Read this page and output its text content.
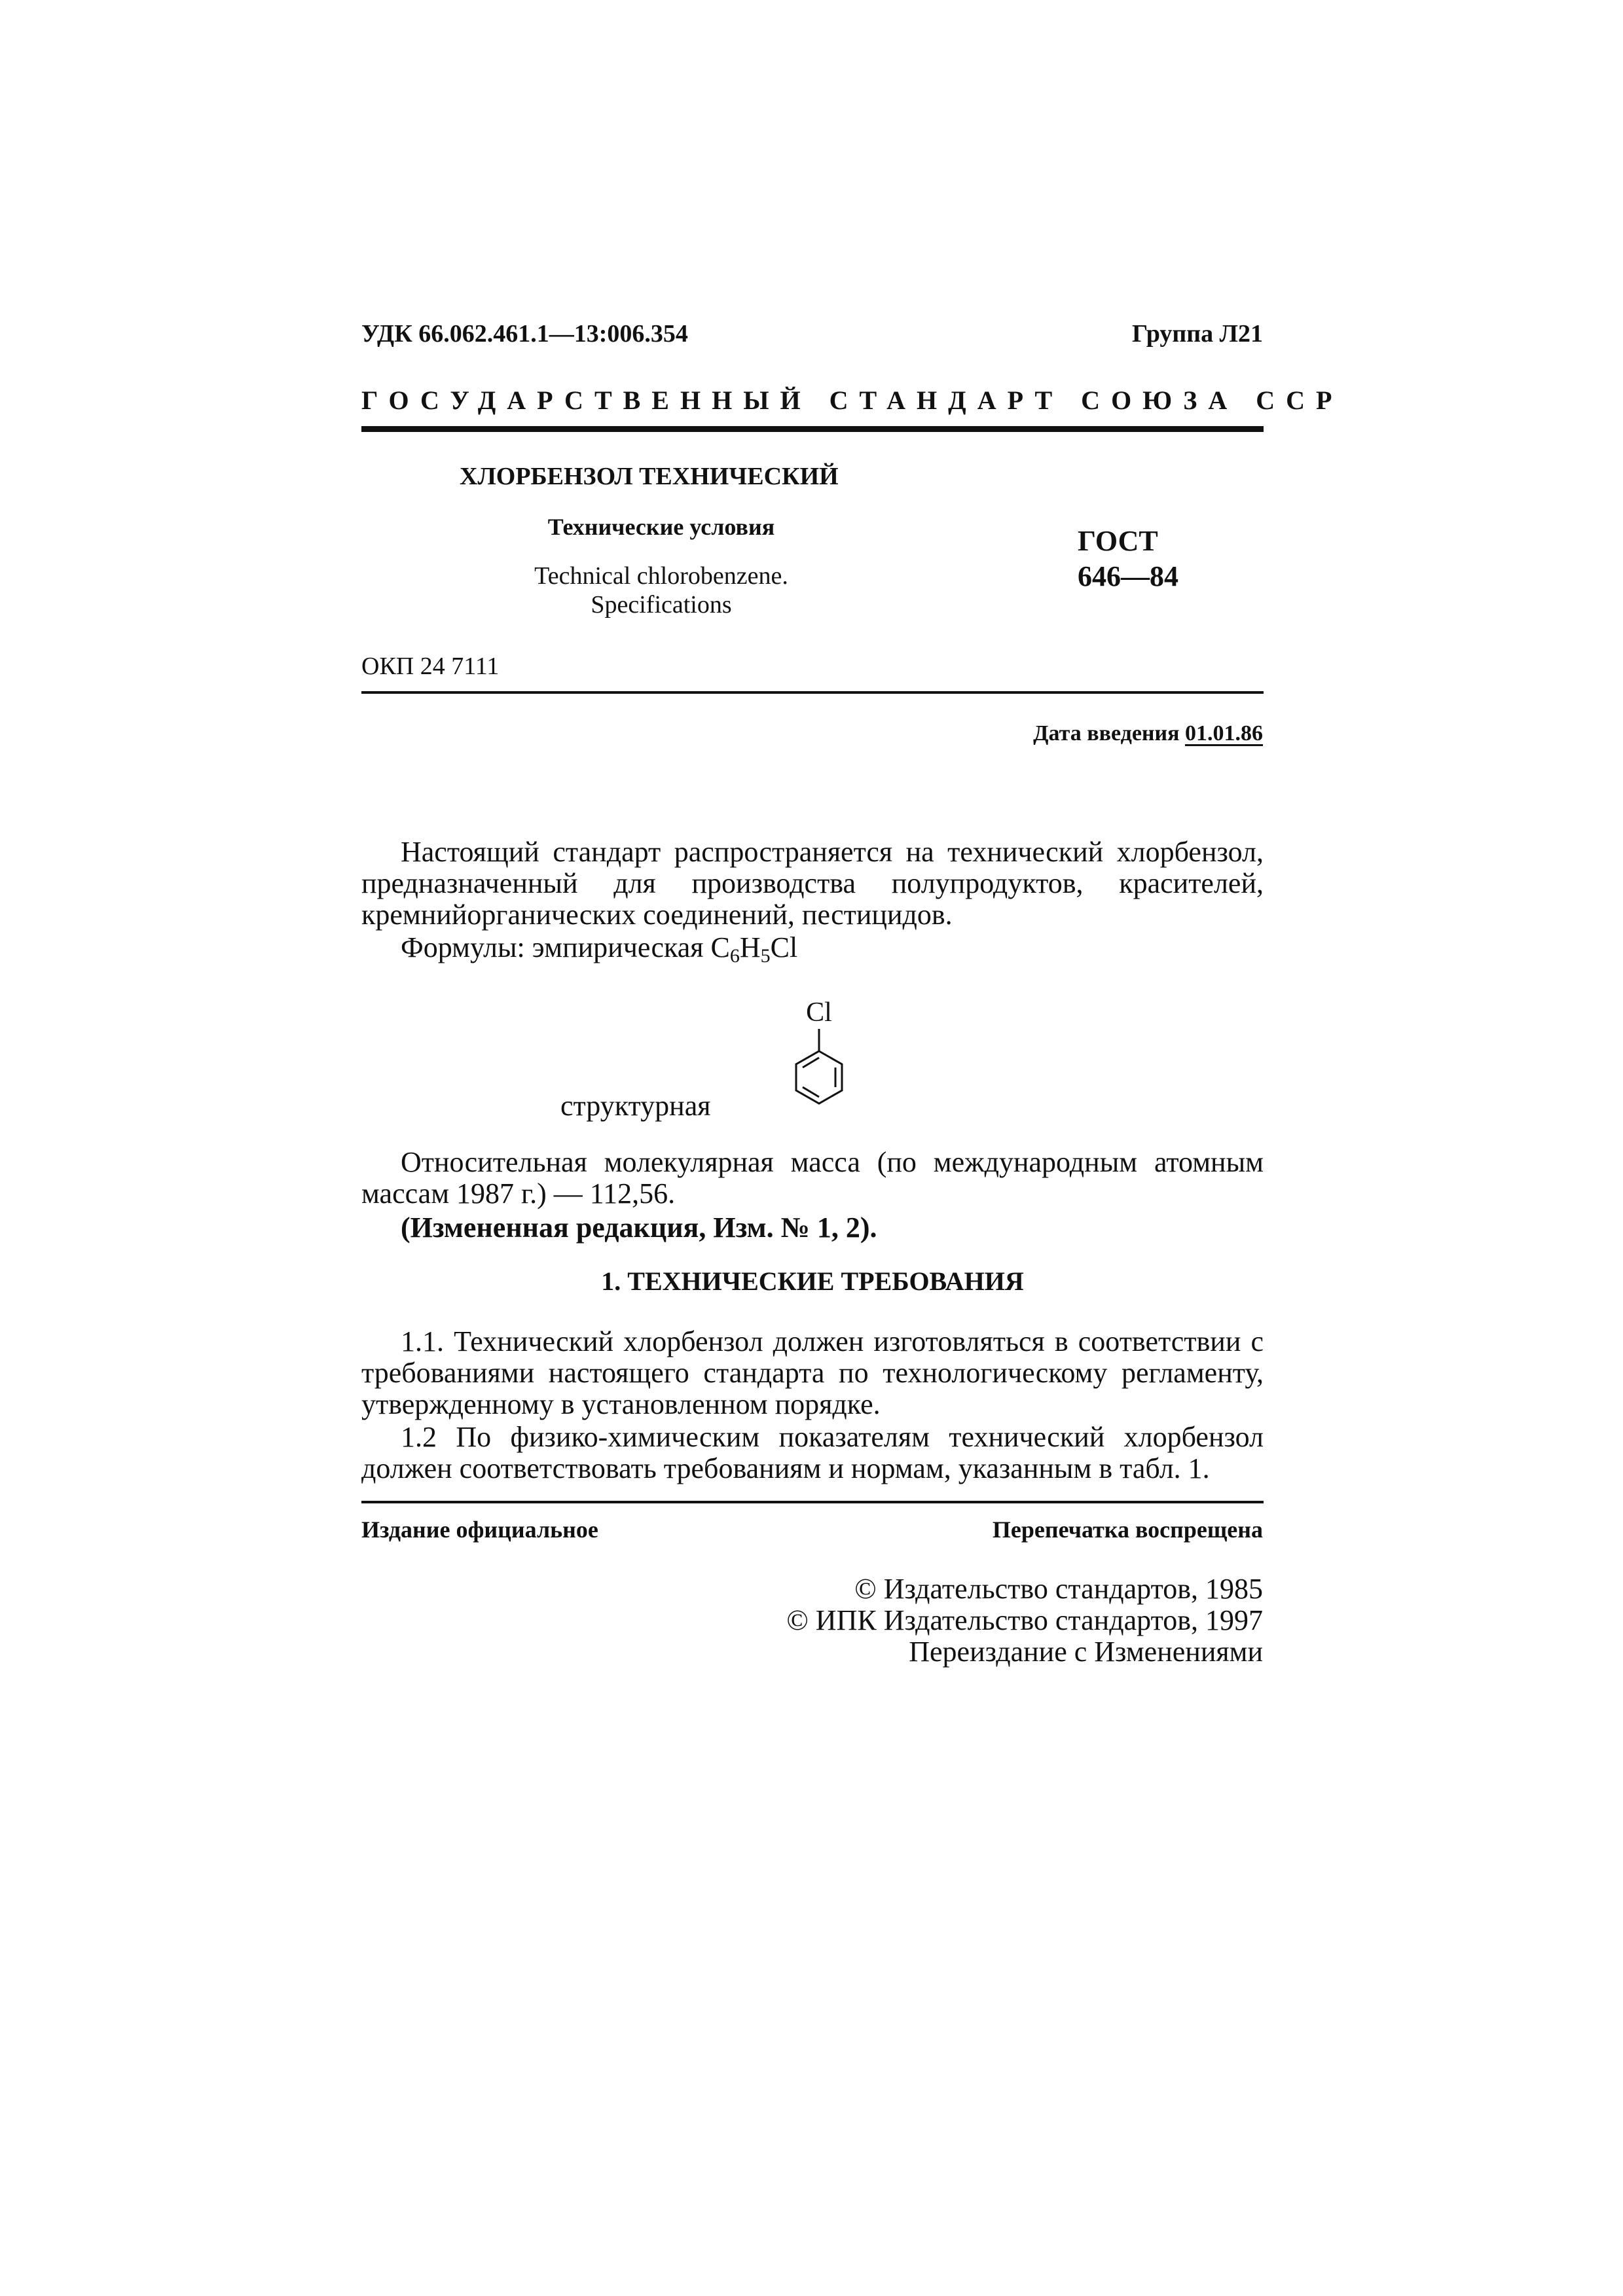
УДК 66.062.461.1—13:006.354	Группа Л21
ГОСУДАРСТВЕННЫЙ СТАНДАРТ СОЮЗА ССР
ХЛОРБЕНЗОЛ ТЕХНИЧЕСКИЙ
Технические условия
Technical chlorobenzene.
Specifications
ГОСТ
646—84
ОКП 24 7111
Дата введения 01.01.86
Настоящий стандарт распространяется на технический хлорбензол, предназначенный для производства полупродуктов, красителей, кремнийорганических соединений, пестицидов.
Формулы: эмпирическая $C_6H_5Cl$
структурная
Cl
Относительная молекулярная масса (по международным атомным массам 1987 г.) — 112,56.
(Измененная редакция, Изм. № 1, 2).
1. ТЕХНИЧЕСКИЕ ТРЕБОВАНИЯ
1.1. Технический хлорбензол должен изготовляться в соответствии с требованиями настоящего стандарта по технологическому регламенту, утвержденному в установленном порядке.
1.2 По физико-химическим показателям технический хлорбензол должен соответствовать требованиям и нормам, указанным в табл. 1.
Издание официальное	Перепечатка воспрещена
© Издательство стандартов, 1985
© ИПК Издательство стандартов, 1997
Переиздание с Изменениями
